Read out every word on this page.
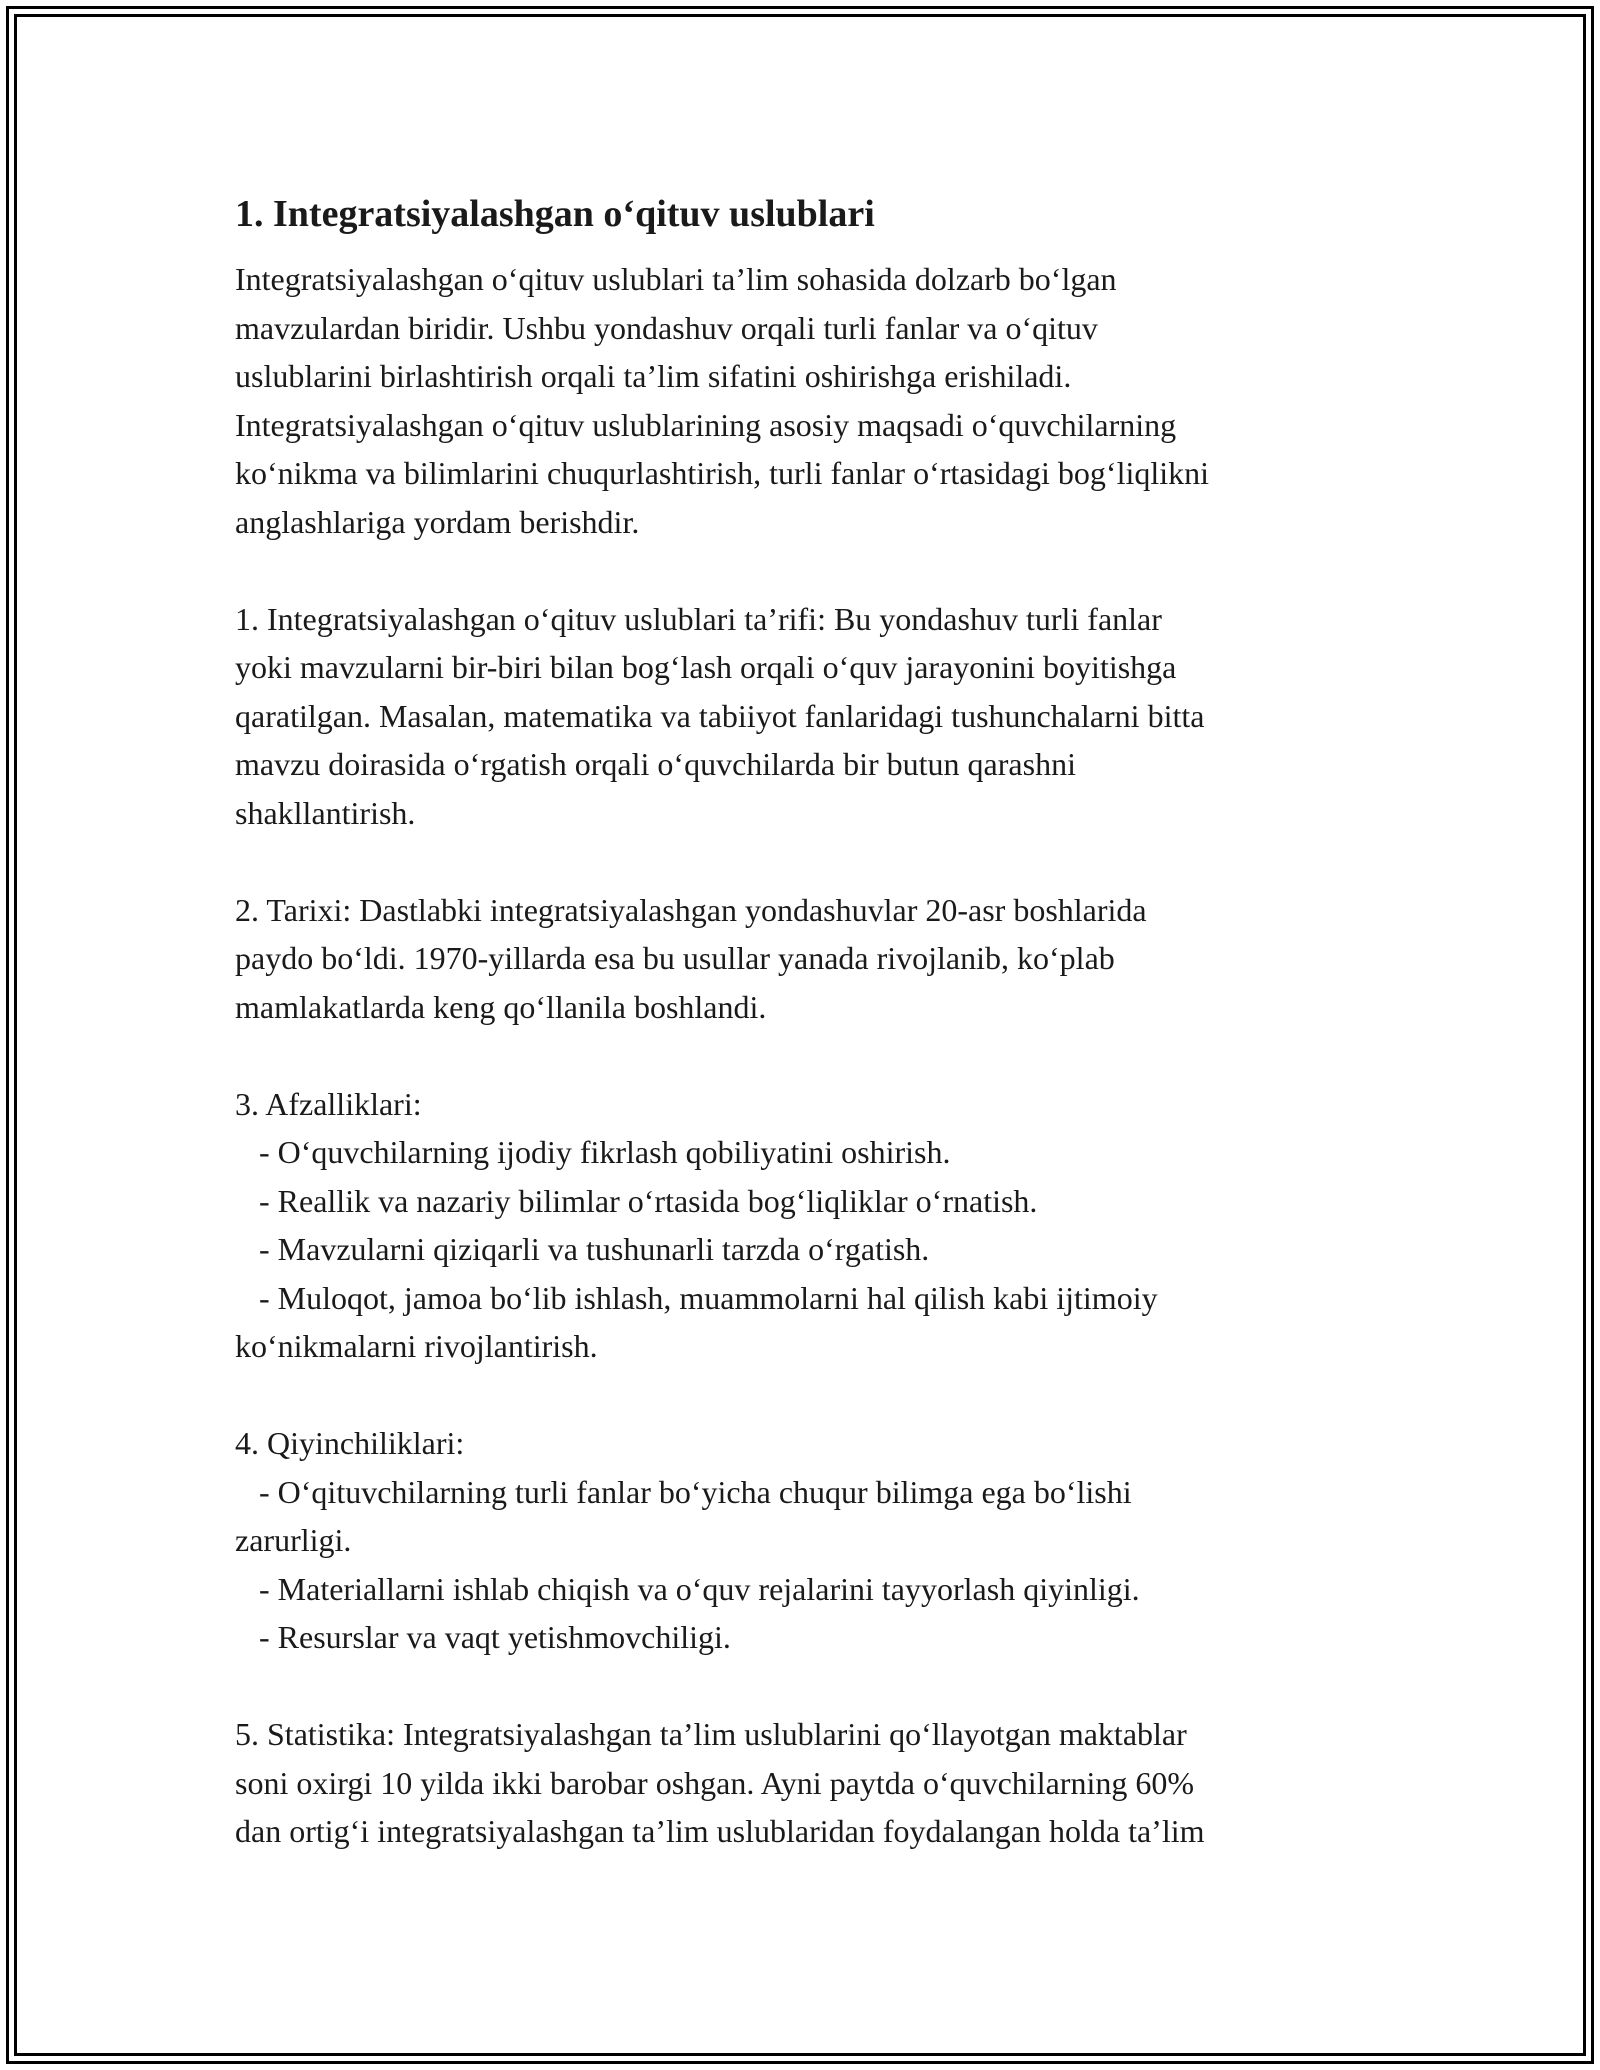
1. Integratsiyalashgan o‘qituv uslublari

Integratsiyalashgan o‘qituv uslublari ta’lim sohasida dolzarb bo‘lgan
mavzulardan biridir. Ushbu yondashuv orqali turli fanlar va o‘qituv
uslublarini birlashtirish orqali ta’lim sifatini oshirishga erishiladi.
Integratsiyalashgan o‘qituv uslublarining asosiy maqsadi o‘quvchilarning
ko‘nikma va bilimlarini chuqurlashtirish, turli fanlar o‘rtasidagi bog‘liqlikni
anglashlariga yordam berishdir.

1. Integratsiyalashgan o‘qituv uslublari ta’rifi: Bu yondashuv turli fanlar
yoki mavzularni bir-biri bilan bog‘lash orqali o‘quv jarayonini boyitishga
qaratilgan. Masalan, matematika va tabiiyot fanlaridagi tushunchalarni bitta
mavzu doirasida o‘rgatish orqali o‘quvchilarda bir butun qarashni
shakllantirish.

2. Tarixi: Dastlabki integratsiyalashgan yondashuvlar 20-asr boshlarida
paydo bo‘ldi. 1970-yillarda esa bu usullar yanada rivojlanib, ko‘plab
mamlakatlarda keng qo‘llanila boshlandi.

3. Afzalliklari:
- O‘quvchilarning ijodiy fikrlash qobiliyatini oshirish.
- Reallik va nazariy bilimlar o‘rtasida bog‘liqliklar o‘rnatish.
- Mavzularni qiziqarli va tushunarli tarzda o‘rgatish.
- Muloqot, jamoa bo‘lib ishlash, muammolarni hal qilish kabi ijtimoiy
ko‘nikmalarni rivojlantirish.

4. Qiyinchiliklari:
- O‘qituvchilarning turli fanlar bo‘yicha chuqur bilimga ega bo‘lishi
zarurligi.
- Materiallarni ishlab chiqish va o‘quv rejalarini tayyorlash qiyinligi.
- Resurslar va vaqt yetishmovchiligi.

5. Statistika: Integratsiyalashgan ta’lim uslublarini qo‘llayotgan maktablar
soni oxirgi 10 yilda ikki barobar oshgan. Ayni paytda o‘quvchilarning 60%
dan ortig‘i integratsiyalashgan ta’lim uslublaridan foydalangan holda ta’lim
